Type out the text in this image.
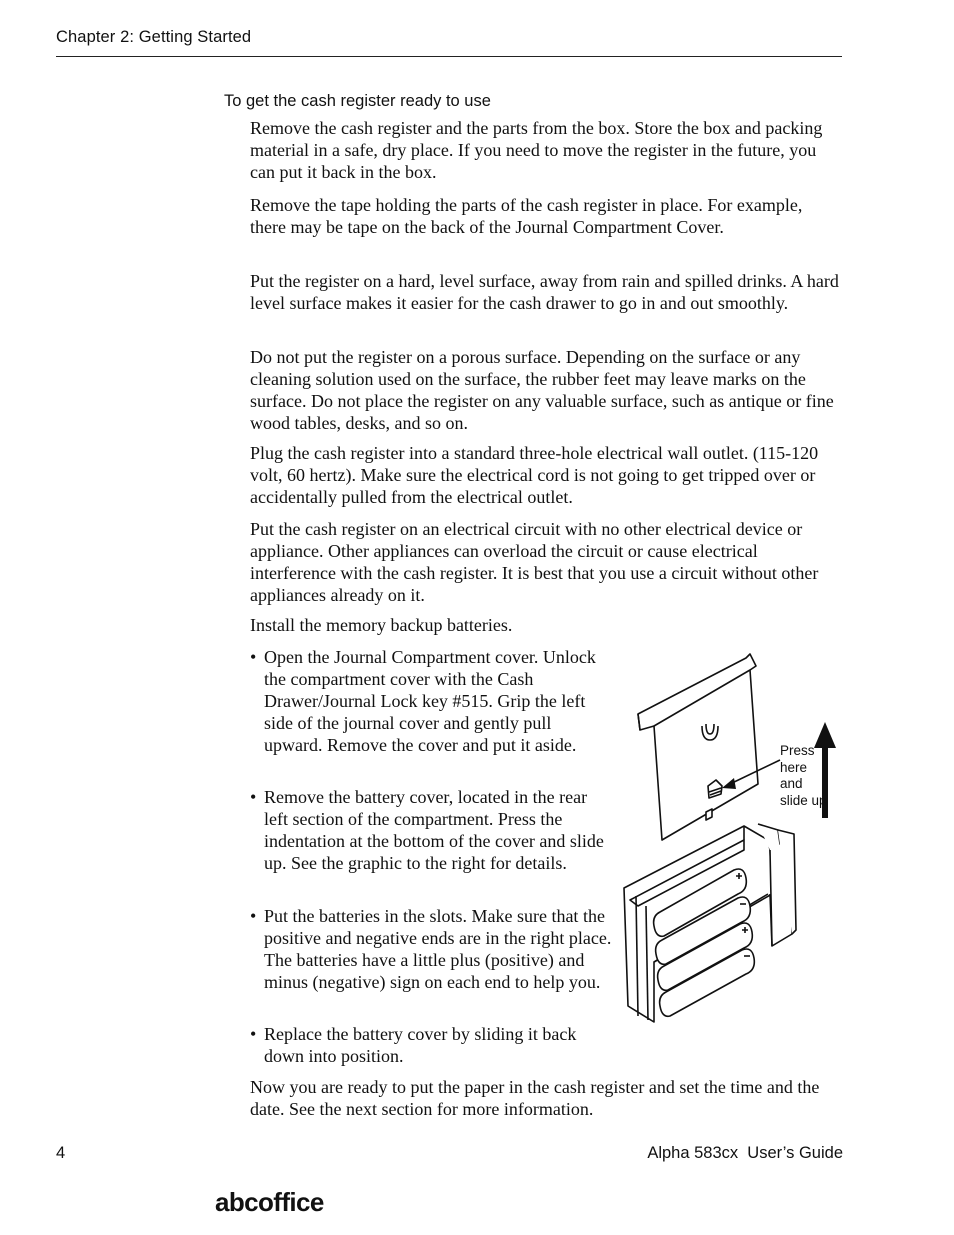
Chapter 2: Getting Started
To get the cash register ready to use

Remove the cash register and the parts from the box. Store the box and packing material in a safe, dry place. If you need to move the register in the future, you can put it back in the box.

Remove the tape holding the parts of the cash register in place. For example, there may be tape on the back of the Journal Compartment Cover.

Put the register on a hard, level surface, away from rain and spilled drinks. A hard level surface makes it easier for the cash drawer to go in and out smoothly.

Do not put the register on a porous surface. Depending on the surface or any cleaning solution used on the surface, the rubber feet may leave marks on the surface. Do not place the register on any valuable surface, such as antique or fine wood tables, desks, and so on.

Plug the cash register into a standard three-hole electrical wall outlet. (115-120 volt, 60 hertz). Make sure the electrical cord is not going to get tripped over or accidentally pulled from the electrical outlet.

Put the cash register on an electrical circuit with no other electrical device or appliance. Other appliances can overload the circuit or cause electrical interference with the cash register. It is best that you use a circuit without other appliances already on it.

Install the memory backup batteries.

• Open the Journal Compartment cover. Unlock the compartment cover with the Cash Drawer/Journal Lock key #515. Grip the left side of the journal cover and gently pull upward. Remove the cover and put it aside.
• Remove the battery cover, located in the rear left section of the compartment. Press the indentation at the bottom of the cover and slide up. See the graphic to the right for details.
• Put the batteries in the slots. Make sure that the positive and negative ends are in the right place. The batteries have a little plus (positive) and minus (negative) sign on each end to help you.
• Replace the battery cover by sliding it back down into position.
Press
here
and
slide up

Now you are ready to put the paper in the cash register and set the time and the date. See the next section for more information.

4	Alpha 583cx  User’s Guide
abcoffice
